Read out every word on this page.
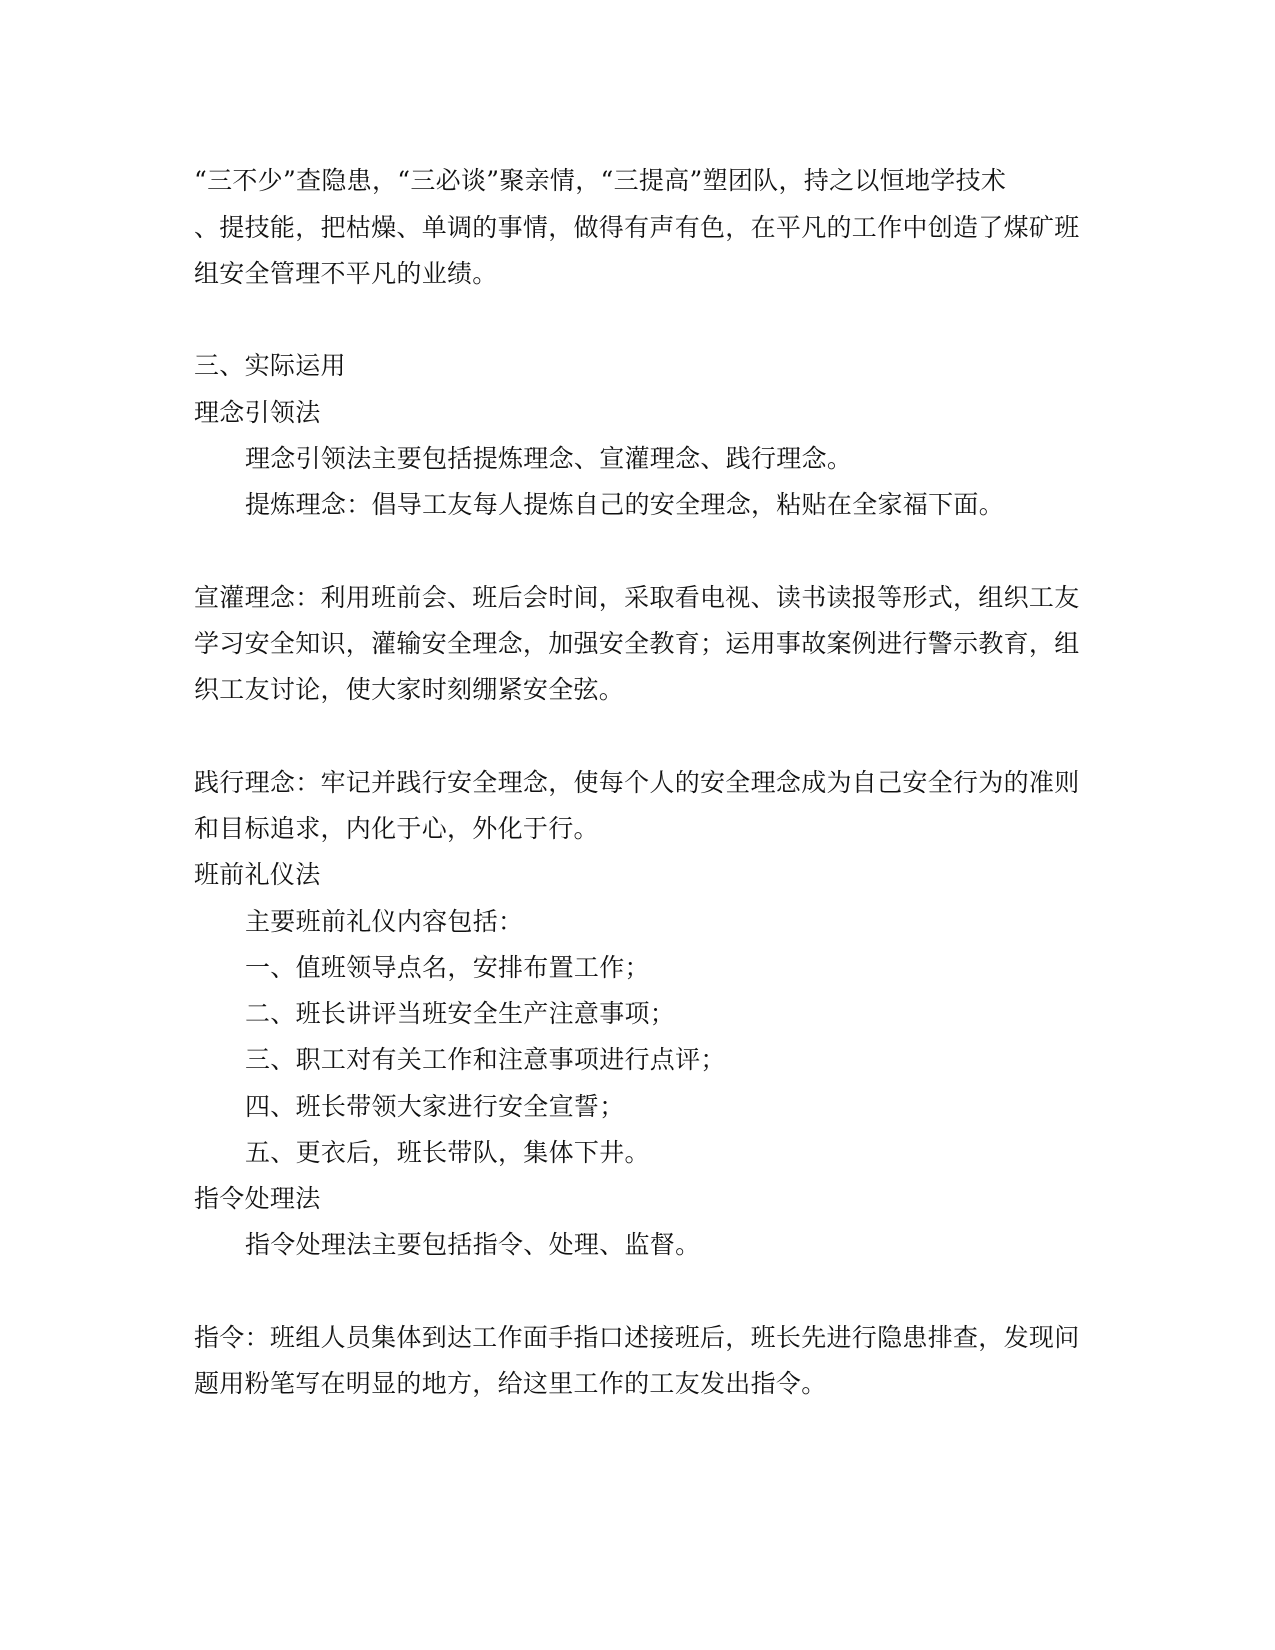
“三不少”查隐患，“三必谈”聚亲情，“三提高”塑团队，持之以恒地学技术
、提技能，把枯燥、单调的事情，做得有声有色，在平凡的工作中创造了煤矿班
组安全管理不平凡的业绩。
三、实际运用
理念引领法
理念引领法主要包括提炼理念、宣灌理念、践行理念。
提炼理念：倡导工友每人提炼自己的安全理念，粘贴在全家福下面。
宣灌理念：利用班前会、班后会时间，采取看电视、读书读报等形式，组织工友
学习安全知识，灌输安全理念，加强安全教育；运用事故案例进行警示教育，组
织工友讨论，使大家时刻绷紧安全弦。
践行理念：牢记并践行安全理念，使每个人的安全理念成为自己安全行为的准则
和目标追求，内化于心，外化于行。
班前礼仪法
主要班前礼仪内容包括：
一、值班领导点名，安排布置工作；
二、班长讲评当班安全生产注意事项；
三、职工对有关工作和注意事项进行点评；
四、班长带领大家进行安全宣誓；
五、更衣后，班长带队，集体下井。
指令处理法
指令处理法主要包括指令、处理、监督。
指令：班组人员集体到达工作面手指口述接班后，班长先进行隐患排查，发现问
题用粉笔写在明显的地方，给这里工作的工友发出指令。
